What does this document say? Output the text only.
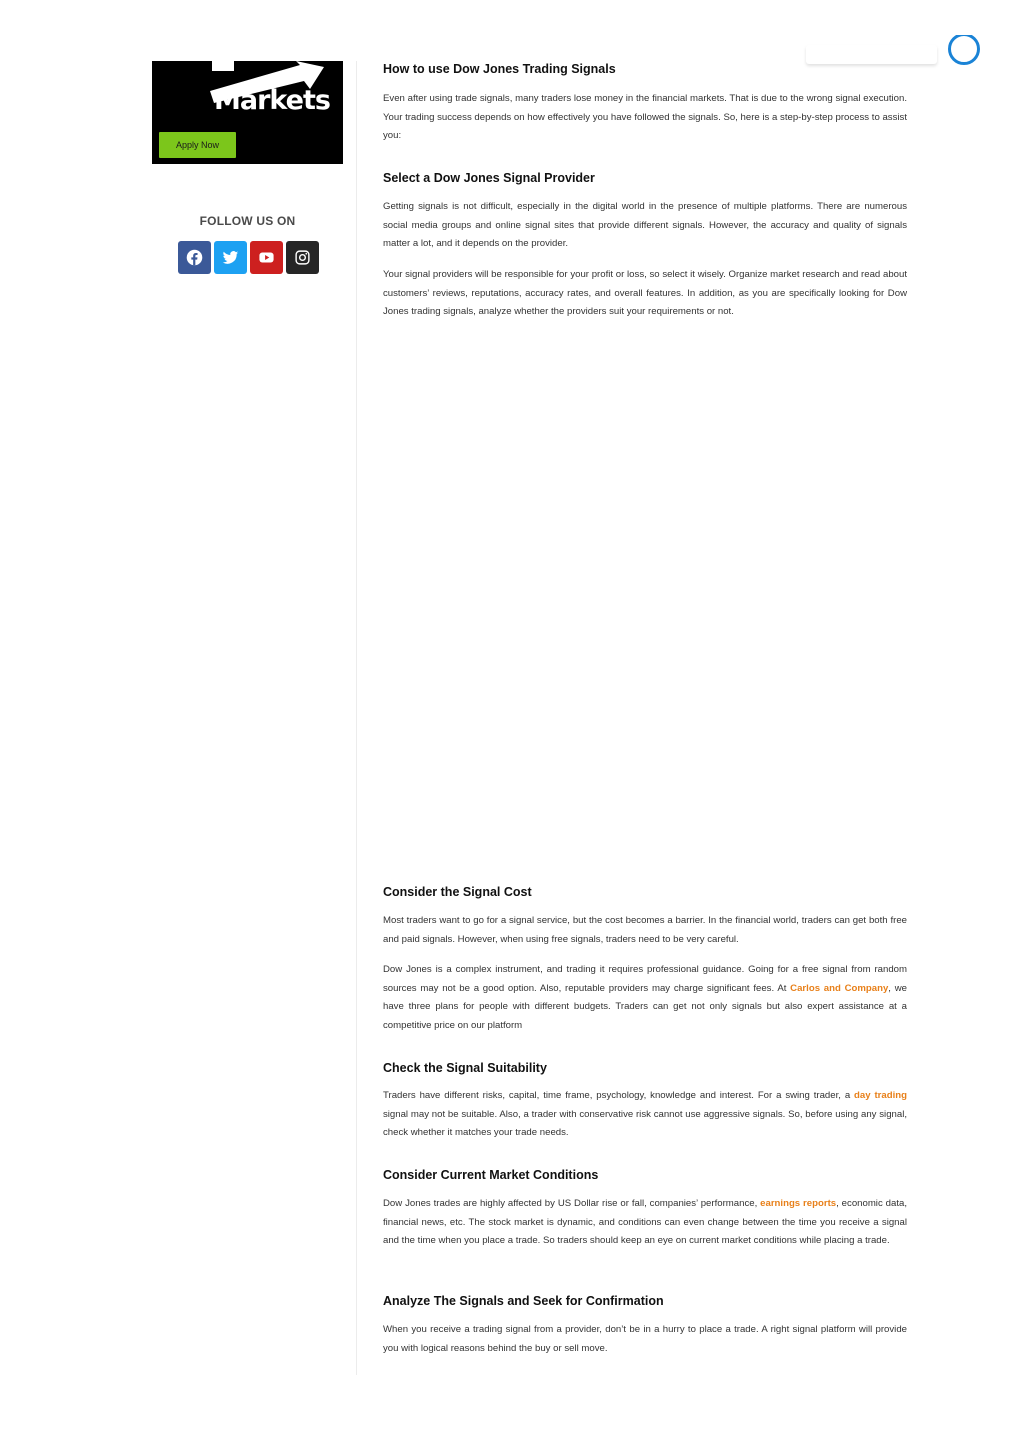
Markets
Apply Now
FOLLOW US ON
How to use Dow Jones Trading Signals

Even after using trade signals, many traders lose money in the financial markets. That is due to the wrong signal execution. Your trading success depends on how effectively you have followed the signals. So, here is a step-by-step process to assist you:

Select a Dow Jones Signal Provider

Getting signals is not difficult, especially in the digital world in the presence of multiple platforms. There are numerous social media groups and online signal sites that provide different signals. However, the accuracy and quality of signals matter a lot, and it depends on the provider.

Your signal providers will be responsible for your profit or loss, so select it wisely. Organize market research and read about customers’ reviews, reputations, accuracy rates, and overall features. In addition, as you are specifically looking for Dow Jones trading signals, analyze whether the providers suit your requirements or not.

Consider the Signal Cost

Most traders want to go for a signal service, but the cost becomes a barrier. In the financial world, traders can get both free and paid signals. However, when using free signals, traders need to be very careful.

Dow Jones is a complex instrument, and trading it requires professional guidance. Going for a free signal from random sources may not be a good option. Also, reputable providers may charge significant fees. At Carlos and Company, we have three plans for people with different budgets. Traders can get not only signals but also expert assistance at a competitive price on our platform

Check the Signal Suitability

Traders have different risks, capital, time frame, psychology, knowledge and interest. For a swing trader, a day trading signal may not be suitable. Also, a trader with conservative risk cannot use aggressive signals. So, before using any signal, check whether it matches your trade needs.

Consider Current Market Conditions

Dow Jones trades are highly affected by US Dollar rise or fall, companies’ performance, earnings reports, economic data, financial news, etc. The stock market is dynamic, and conditions can even change between the time you receive a signal and the time when you place a trade. So traders should keep an eye on current market conditions while placing a trade.

Analyze The Signals and Seek for Confirmation

When you receive a trading signal from a provider, don’t be in a hurry to place a trade. A right signal platform will provide you with logical reasons behind the buy or sell move.
